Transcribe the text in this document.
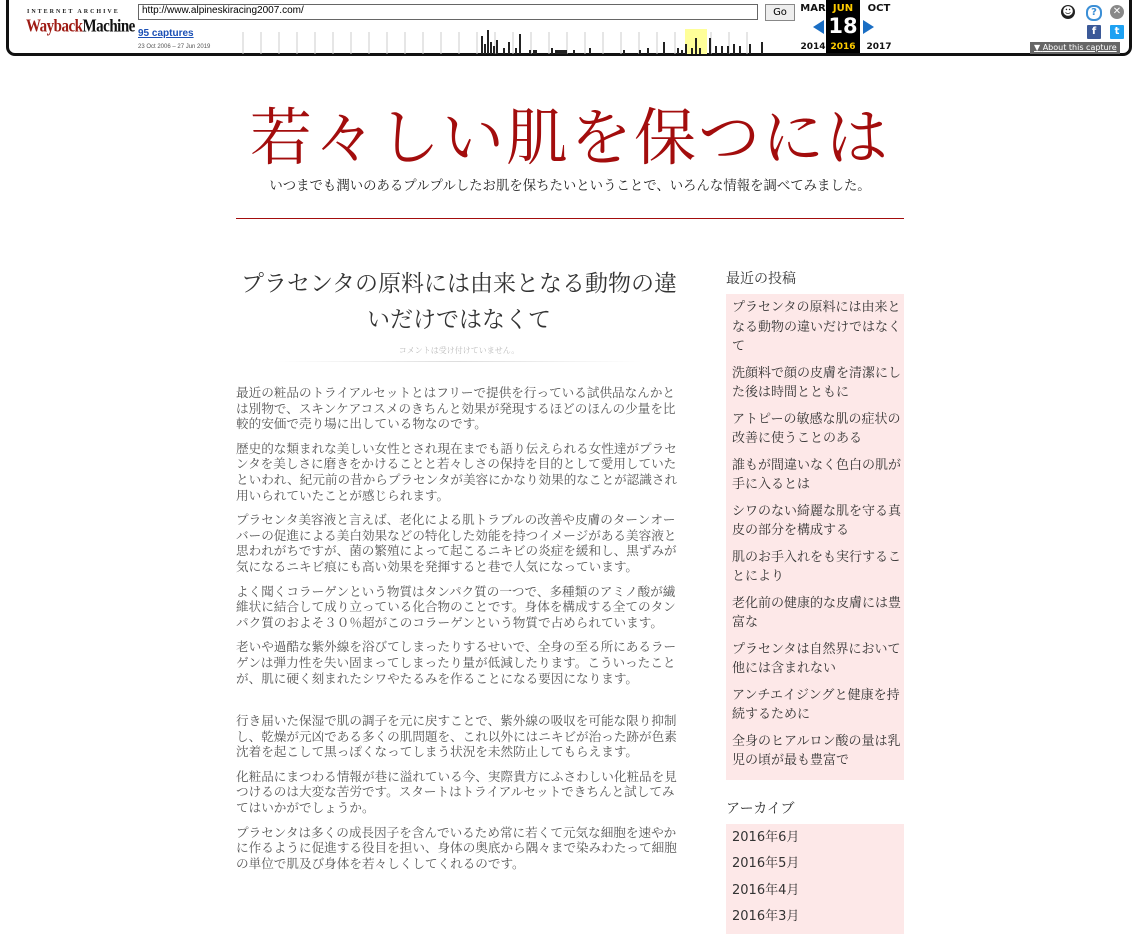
INTERNET ARCHIVE
WaybackMachine
http://www.alpineskiracing2007.com/	Go
95 captures
23 Oct 2006 – 27 Jun 2019
MAR
2014
JUN
18
2016
OCT
2017
☻	?	✕
f	t
▼ About this capture
若々しい肌を保つには
いつまでも潤いのあるプルプルしたお肌を保ちたいということで、いろんな情報を調べてみました。
プラセンタの原料には由来となる動物の違いだけではなくて
コメントは受け付けていません。

最近の粧品のトライアルセットとはフリーで提供を行っている試供品なんかとは別物で、スキンケアコスメのきちんと効果が発現するほどのほんの少量を比較的安価で売り場に出している物なのです。

歴史的な類まれな美しい女性とされ現在までも語り伝えられる女性達がプラセンタを美しさに磨きをかけることと若々しさの保持を目的として愛用していたといわれ、紀元前の昔からプラセンタが美容にかなり効果的なことが認識され用いられていたことが感じられます。

プラセンタ美容液と言えば、老化による肌トラブルの改善や皮膚のターンオーバーの促進による美白効果などの特化した効能を持つイメージがある美容液と思われがちですが、菌の繁殖によって起こるニキビの炎症を緩和し、黒ずみが気になるニキビ痕にも高い効果を発揮すると巷で人気になっています。

よく聞くコラーゲンという物質はタンパク質の一つで、多種類のアミノ酸が繊維状に結合して成り立っている化合物のことです。身体を構成する全てのタンパク質のおよそ３０％超がこのコラーゲンという物質で占められています。

老いや過酷な紫外線を浴びてしまったりするせいで、全身の至る所にあるラーゲンは弾力性を失い固まってしまったり量が低減したります。こういったことが、肌に硬く刻まれたシワやたるみを作ることになる要因になります。

行き届いた保湿で肌の調子を元に戻すことで、紫外線の吸収を可能な限り抑制し、乾燥が元凶である多くの肌問題を、これ以外にはニキビが治った跡が色素沈着を起こして黒っぽくなってしまう状況を未然防止してもらえます。

化粧品にまつわる情報が巷に溢れている今、実際貴方にふさわしい化粧品を見つけるのは大変な苦労です。スタートはトライアルセットできちんと試してみてはいかがでしょうか。

プラセンタは多くの成長因子を含んでいるため常に若くて元気な細胞を速やかに作るように促進する役目を担い、身体の奥底から隅々まで染みわたって細胞の単位で肌及び身体を若々しくしてくれるのです。

最近の投稿
プラセンタの原料には由来となる動物の違いだけではなくて
洗顔料で顔の皮膚を清潔にした後は時間とともに
アトピーの敏感な肌の症状の改善に使うことのある
誰もが間違いなく色白の肌が手に入るとは
シワのない綺麗な肌を守る真皮の部分を構成する
肌のお手入れをも実行することにより
老化前の健康的な皮膚には豊富な
プラセンタは自然界において他には含まれない
アンチエイジングと健康を持続するために
全身のヒアルロン酸の量は乳児の頃が最も豊富で
アーカイブ
2016年6月
2016年5月
2016年4月
2016年3月
